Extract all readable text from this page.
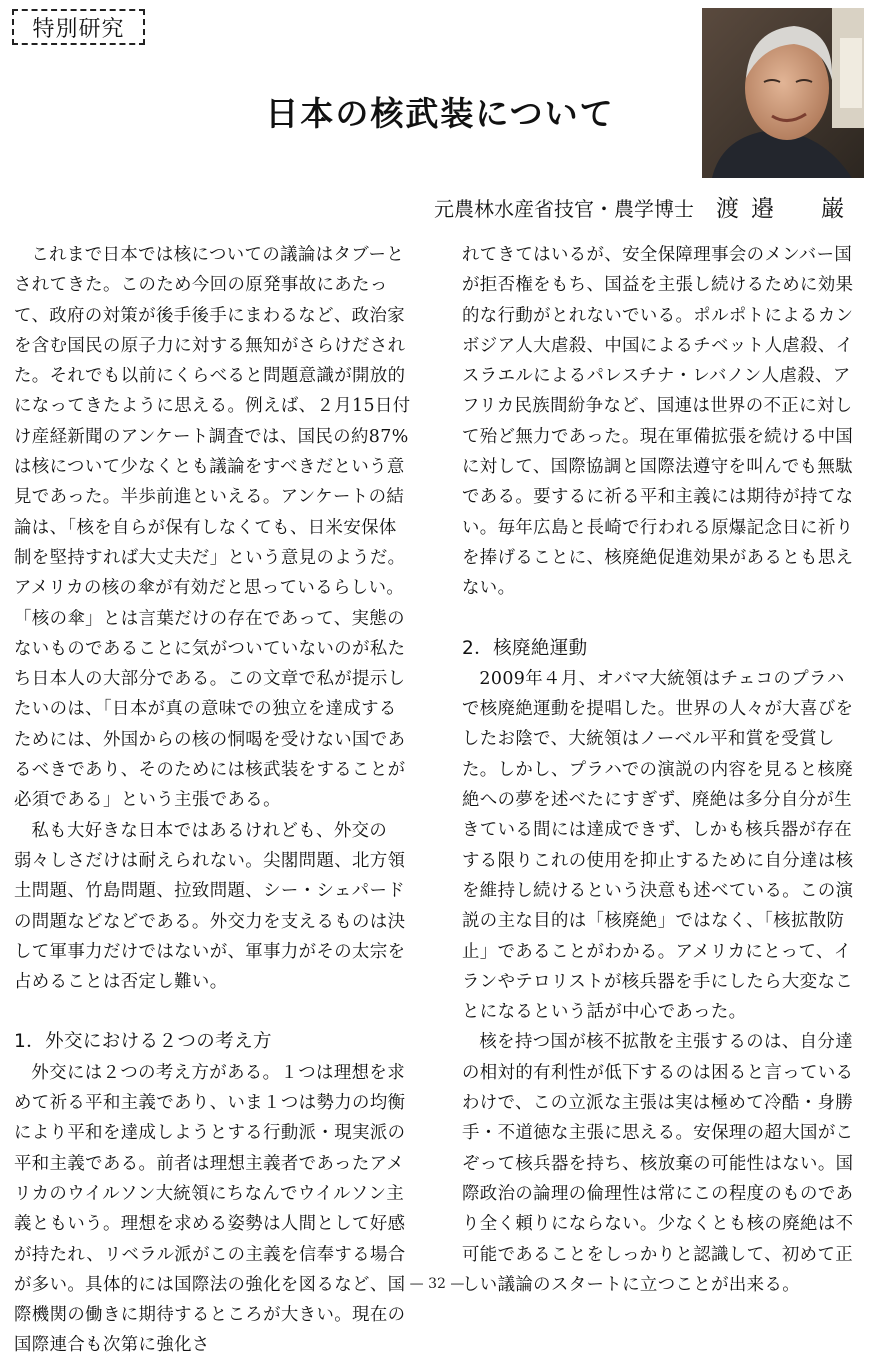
特別研究
日本の核武装について
元農林水産省技官・農学博士 渡邉　巌

これまで日本では核についての議論はタブーとされてきた。このため今回の原発事故にあたって、政府の対策が後手後手にまわるなど、政治家を含む国民の原子力に対する無知がさらけだされた。それでも以前にくらべると問題意識が開放的になってきたように思える。例えば、２月15日付け産経新聞のアンケート調査では、国民の約87%は核について少なくとも議論をすべきだという意見であった。半歩前進といえる。アンケートの結論は、「核を自らが保有しなくても、日米安保体制を堅持すれば大丈夫だ」という意見のようだ。アメリカの核の傘が有効だと思っているらしい。「核の傘」とは言葉だけの存在であって、実態のないものであることに気がついていないのが私たち日本人の大部分である。この文章で私が提示したいのは、「日本が真の意味での独立を達成するためには、外国からの核の恫喝を受けない国であるべきであり、そのためには核武装をすることが必須である」という主張である。

私も大好きな日本ではあるけれども、外交の弱々しさだけは耐えられない。尖閣問題、北方領土問題、竹島問題、拉致問題、シー・シェパードの問題などなどである。外交力を支えるものは決して軍事力だけではないが、軍事力がその太宗を占めることは否定し難い。

1．外交における２つの考え方

外交には２つの考え方がある。１つは理想を求めて祈る平和主義であり、いま１つは勢力の均衡により平和を達成しようとする行動派・現実派の平和主義である。前者は理想主義者であったアメリカのウイルソン大統領にちなんでウイルソン主義ともいう。理想を求める姿勢は人間として好感が持たれ、リベラル派がこの主義を信奉する場合が多い。具体的には国際法の強化を図るなど、国際機関の働きに期待するところが大きい。現在の国際連合も次第に強化さ

れてきてはいるが、安全保障理事会のメンバー国が拒否権をもち、国益を主張し続けるために効果的な行動がとれないでいる。ポルポトによるカンボジア人大虐殺、中国によるチベット人虐殺、イスラエルによるパレスチナ・レバノン人虐殺、アフリカ民族間紛争など、国連は世界の不正に対して殆ど無力であった。現在軍備拡張を続ける中国に対して、国際協調と国際法遵守を叫んでも無駄である。要するに祈る平和主義には期待が持てない。毎年広島と長崎で行われる原爆記念日に祈りを捧げることに、核廃絶促進効果があるとも思えない。

2．核廃絶運動

2009年４月、オバマ大統領はチェコのプラハで核廃絶運動を提唱した。世界の人々が大喜びをしたお陰で、大統領はノーベル平和賞を受賞した。しかし、プラハでの演説の内容を見ると核廃絶への夢を述べたにすぎず、廃絶は多分自分が生きている間には達成できず、しかも核兵器が存在する限りこれの使用を抑止するために自分達は核を維持し続けるという決意も述べている。この演説の主な目的は「核廃絶」ではなく、「核拡散防止」であることがわかる。アメリカにとって、イランやテロリストが核兵器を手にしたら大変なことになるという話が中心であった。

核を持つ国が核不拡散を主張するのは、自分達の相対的有利性が低下するのは困ると言っているわけで、この立派な主張は実は極めて冷酷・身勝手・不道徳な主張に思える。安保理の超大国がこぞって核兵器を持ち、核放棄の可能性はない。国際政治の論理の倫理性は常にこの程度のものであり全く頼りにならない。少なくとも核の廃絶は不可能であることをしっかりと認識して、初めて正しい議論のスタートに立つことが出来る。

— 32 —
